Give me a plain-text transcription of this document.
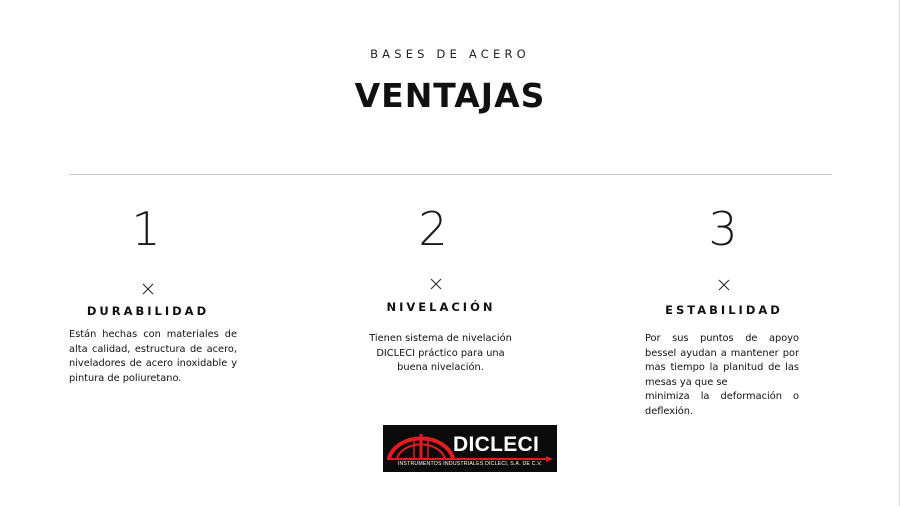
BASES DE ACERO
VENTAJAS
1
DURABILIDAD
Están hechas con materiales de alta calidad, estructura de acero, niveladores de acero inoxidable y pintura de poliuretano.
2
NIVELACIÓN
Tienen sistema de nivelación DICLECI práctico para una buena nivelación.
3
ESTABILIDAD
Por sus puntos de apoyo bessel ayudan a mantener por mas tiempo la planitud de las mesas ya que se
minimiza la deformación o deflexión.
DICLECI
INSTRUMENTOS INDUSTRIALES DICLECI, S.A. DE C.V.
